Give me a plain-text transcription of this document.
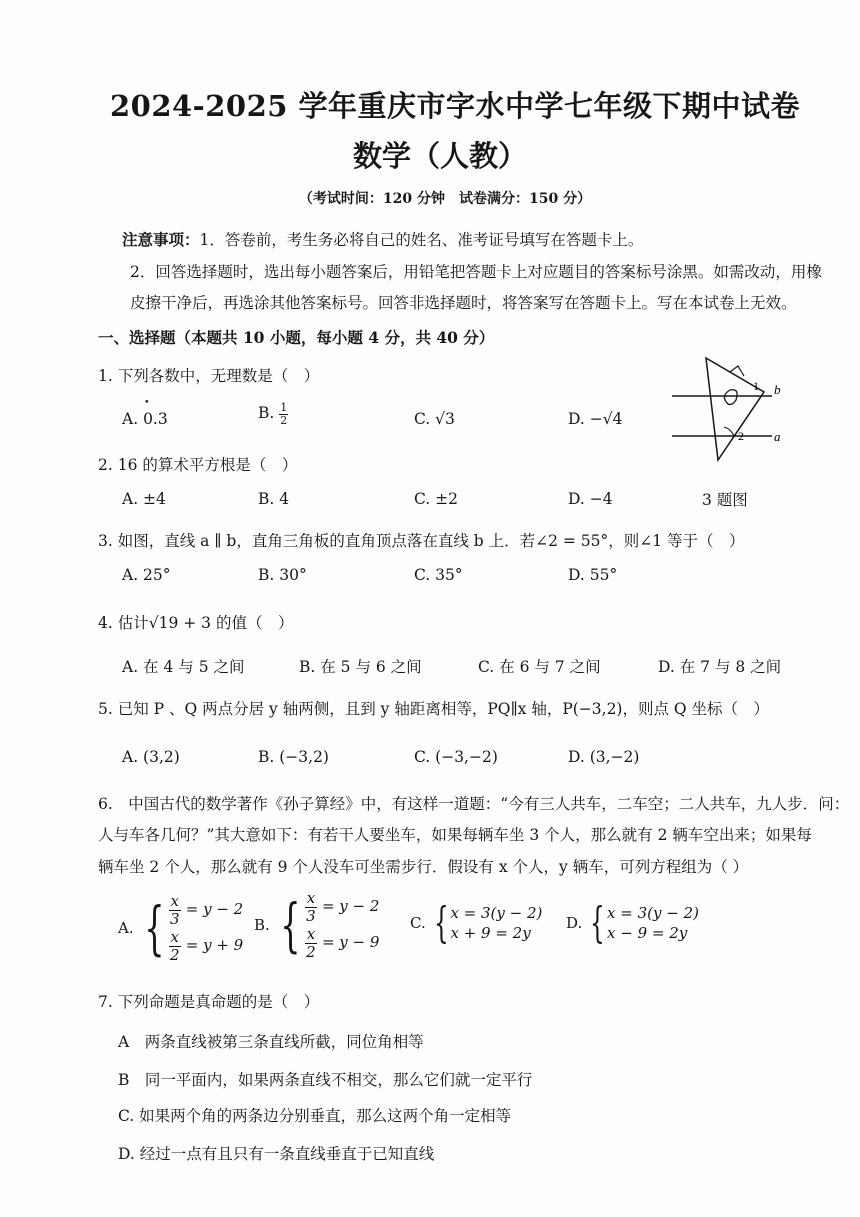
2024-2025 学年重庆市字水中学七年级下期中试卷
数学（人教）
（考试时间：120 分钟　试卷满分：150 分）
注意事项：1．答卷前，考生务必将自己的姓名、准考证号填写在答题卡上。
2．回答选择题时，选出每小题答案后，用铅笔把答题卡上对应题目的答案标号涂黑。如需改动，用橡皮擦干净后，再选涂其他答案标号。回答非选择题时，将答案写在答题卡上。写在本试卷上无效。
一、选择题（本题共 10 小题，每小题 4 分，共 40 分）
b
a
1
2
3 题图
1. 下列各数中，无理数是（　）
A. 0.3 •	B. $\frac{1}{2}$	C. √3	D. −√4
2. 16 的算术平方根是（　）
A. ±4	B. 4	C. ±2	D. −4
3. 如图，直线 a ∥ b，直角三角板的直角顶点落在直线 b 上．若∠2 = 55°，则∠1 等于（　）
A. 25°	B. 30°	C. 35°	D. 55°
4. 估计√19 + 3 的值（　）
A. 在 4 与 5 之间	B. 在 5 与 6 之间	C. 在 6 与 7 之间	D. 在 7 与 8 之间
5. 已知 P 、Q 两点分居 y 轴两侧，且到 y 轴距离相等，PQ∥x 轴，P(−3,2)，则点 Q 坐标（　）
A. (3,2)	B. (−3,2)	C. (−3,−2)	D. (3,−2)
6.　中国古代的数学著作《孙子算经》中，有这样一道题：“今有三人共车，二车空；二人共车，九人步．问：
人与车各几何？”其大意如下：有若干人要坐车，如果每辆车坐 3 个人，那么就有 2 辆车空出来；如果每
辆车坐 2 个人，那么就有 9 个人没车可坐需步行．假设有 x 个人，y 辆车，可列方程组为（ ）
A. { $\frac{x}{3} = y - 2$
$\frac{x}{2} = y + 9$
B. { $\frac{x}{3} = y - 2$
$\frac{x}{2} = y - 9$
C. { x = 3(y − 2)
x + 9 = 2y
D. { x = 3(y − 2)
x − 9 = 2y
7. 下列命题是真命题的是（　）
A　两条直线被第三条直线所截，同位角相等
B　同一平面内，如果两条直线不相交，那么它们就一定平行
C. 如果两个角的两条边分别垂直，那么这两个角一定相等
D. 经过一点有且只有一条直线垂直于已知直线
